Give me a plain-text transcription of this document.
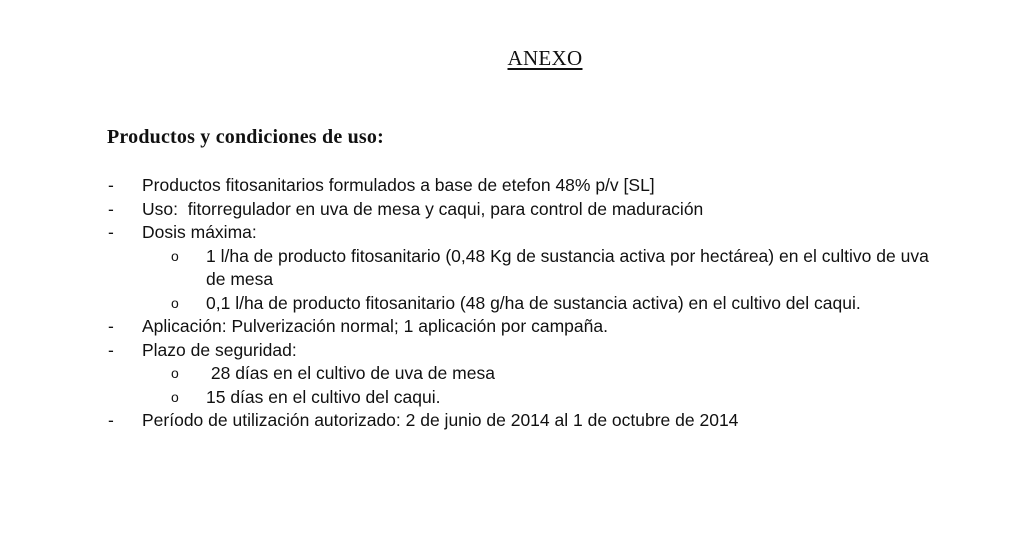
ANEXO
Productos y condiciones de uso:
-	Productos fitosanitarios formulados a base de etefon 48% p/v [SL]
-	Uso:  fitorregulador en uva de mesa y caqui, para control de maduración
-	Dosis máxima:
o	1 l/ha de producto fitosanitario (0,48 Kg de sustancia activa por hectárea) en el cultivo de uva de mesa
o	0,1 l/ha de producto fitosanitario (48 g/ha de sustancia activa) en el cultivo del caqui.
-	Aplicación: Pulverización normal; 1 aplicación por campaña.
-	Plazo de seguridad:
o	28 días en el cultivo de uva de mesa
o	15 días en el cultivo del caqui.
-	Período de utilización autorizado: 2 de junio de 2014 al 1 de octubre de 2014
